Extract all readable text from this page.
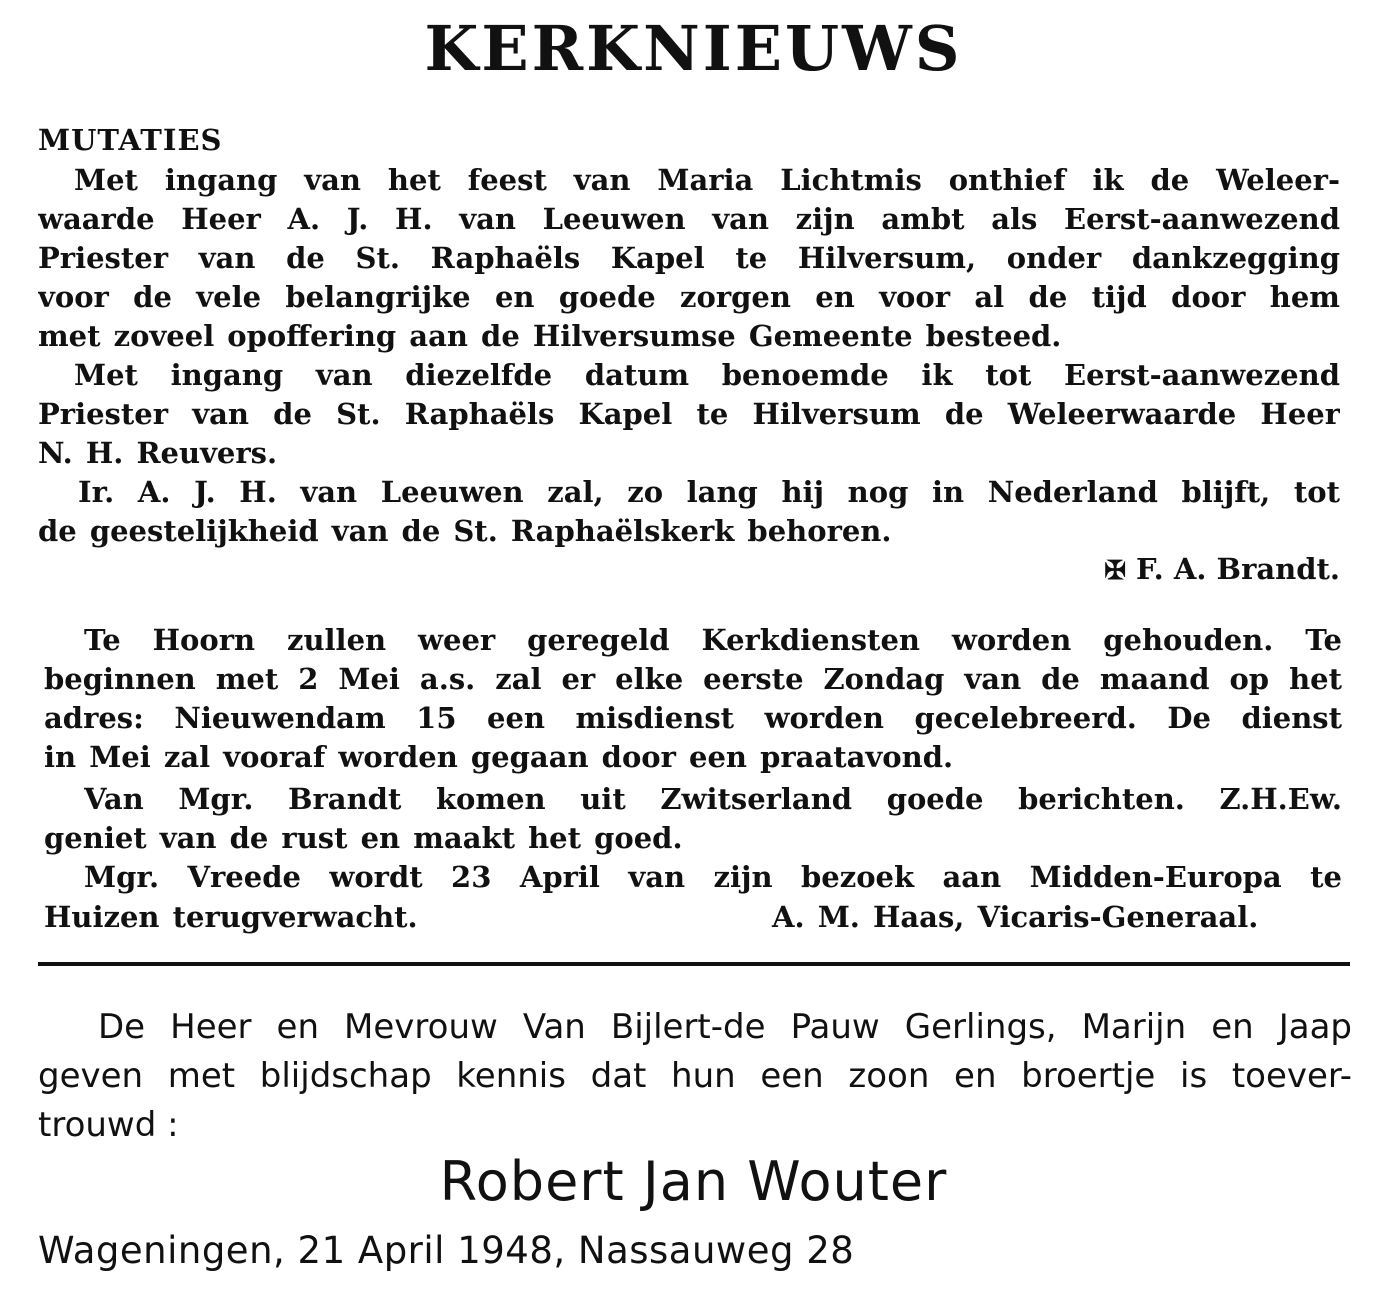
KERKNIEUWS
MUTATIES
Met ingang van het feest van Maria Lichtmis onthief ik de Weleer-
waarde Heer A. J. H. van Leeuwen van zijn ambt als Eerst-aanwezend
Priester van de St. Raphaëls Kapel te Hilversum, onder dankzegging
voor de vele belangrijke en goede zorgen en voor al de tijd door hem
met zoveel opoffering aan de Hilversumse Gemeente besteed.
Met ingang van diezelfde datum benoemde ik tot Eerst-aanwezend
Priester van de St. Raphaëls Kapel te Hilversum de Weleerwaarde Heer
N. H. Reuvers.
Ir. A. J. H. van Leeuwen zal, zo lang hij nog in Nederland blijft, tot
de geestelijkheid van de St. Raphaëlskerk behoren.
✠ F. A. Brandt.
Te Hoorn zullen weer geregeld Kerkdiensten worden gehouden. Te
beginnen met 2 Mei a.s. zal er elke eerste Zondag van de maand op het
adres: Nieuwendam 15 een misdienst worden gecelebreerd. De dienst
in Mei zal vooraf worden gegaan door een praatavond.
Van Mgr. Brandt komen uit Zwitserland goede berichten. Z.H.Ew.
geniet van de rust en maakt het goed.
Mgr. Vreede wordt 23 April van zijn bezoek aan Midden-Europa te
Huizen terugverwacht.	A. M. Haas, Vicaris-Generaal.
De Heer en Mevrouw Van Bijlert-de Pauw Gerlings, Marijn en Jaap
geven met blijdschap kennis dat hun een zoon en broertje is toever-
trouwd :
Robert Jan Wouter
Wageningen, 21 April 1948, Nassauweg 28
